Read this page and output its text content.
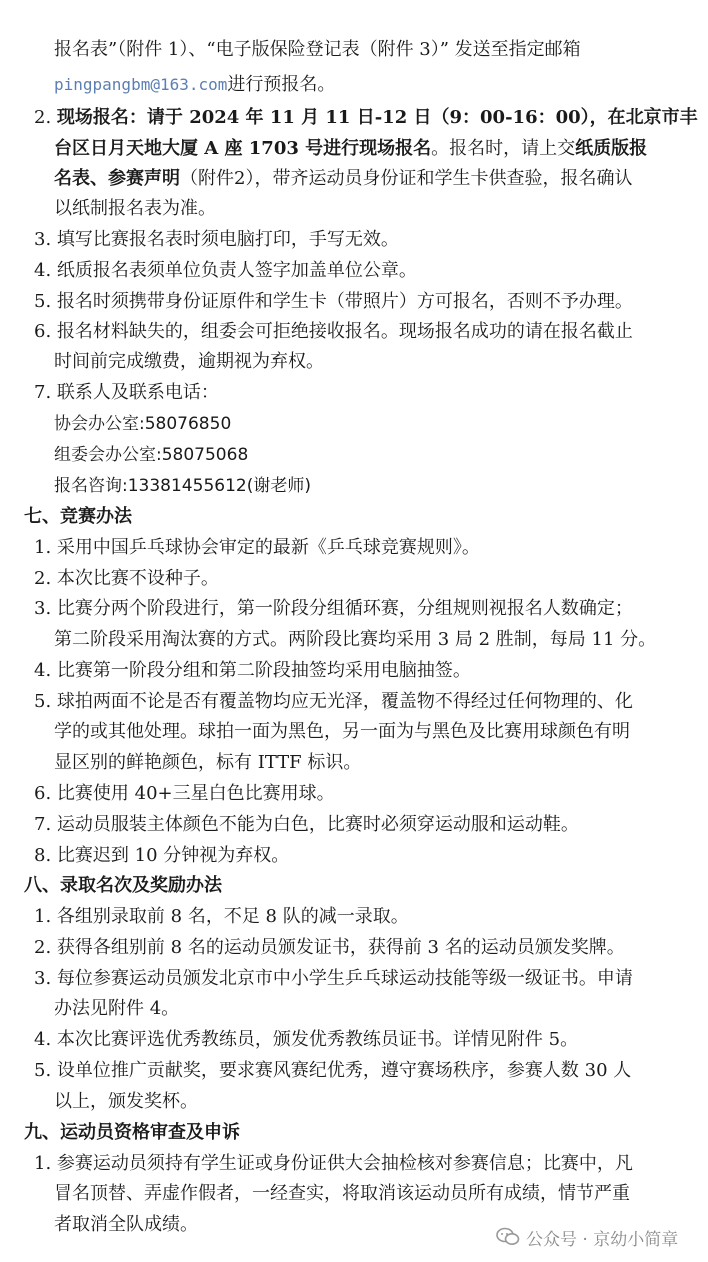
报名表”（附件 1）、“电子版保险登记表（附件 3）” 发送至指定邮箱
pingpangbm@163.com进行预报名。
2. 现场报名：请于 2024 年 11 月 11 日-12 日（9：00-16：00），在北京市丰
台区日月天地大厦 A 座 1703 号进行现场报名。报名时，请上交纸质版报
名表、参赛声明（附件2），带齐运动员身份证和学生卡供查验，报名确认
以纸制报名表为准。
3. 填写比赛报名表时须电脑打印，手写无效。
4. 纸质报名表须单位负责人签字加盖单位公章。
5. 报名时须携带身份证原件和学生卡（带照片）方可报名，否则不予办理。
6. 报名材料缺失的，组委会可拒绝接收报名。现场报名成功的请在报名截止
时间前完成缴费，逾期视为弃权。
7. 联系人及联系电话：
协会办公室:58076850
组委会办公室:58075068
报名咨询:13381455612(谢老师)
七、竞赛办法
1. 采用中国乒乓球协会审定的最新《乒乓球竞赛规则》。
2. 本次比赛不设种子。
3. 比赛分两个阶段进行，第一阶段分组循环赛，分组规则视报名人数确定；
第二阶段采用淘汰赛的方式。两阶段比赛均采用 3 局 2 胜制，每局 11 分。
4. 比赛第一阶段分组和第二阶段抽签均采用电脑抽签。
5. 球拍两面不论是否有覆盖物均应无光泽，覆盖物不得经过任何物理的、化
学的或其他处理。球拍一面为黑色，另一面为与黑色及比赛用球颜色有明
显区别的鲜艳颜色，标有 ITTF 标识。
6. 比赛使用 40+三星白色比赛用球。
7. 运动员服装主体颜色不能为白色，比赛时必须穿运动服和运动鞋。
8. 比赛迟到 10 分钟视为弃权。
八、录取名次及奖励办法
1. 各组别录取前 8 名，不足 8 队的减一录取。
2. 获得各组别前 8 名的运动员颁发证书，获得前 3 名的运动员颁发奖牌。
3. 每位参赛运动员颁发北京市中小学生乒乓球运动技能等级一级证书。申请
办法见附件 4。
4. 本次比赛评选优秀教练员，颁发优秀教练员证书。详情见附件 5。
5. 设单位推广贡献奖，要求赛风赛纪优秀，遵守赛场秩序，参赛人数 30 人
以上，颁发奖杯。
九、运动员资格审查及申诉
1. 参赛运动员须持有学生证或身份证供大会抽检核对参赛信息；比赛中，凡
冒名顶替、弄虚作假者，一经查实，将取消该运动员所有成绩，情节严重
者取消全队成绩。
公众号 · 京幼小简章
